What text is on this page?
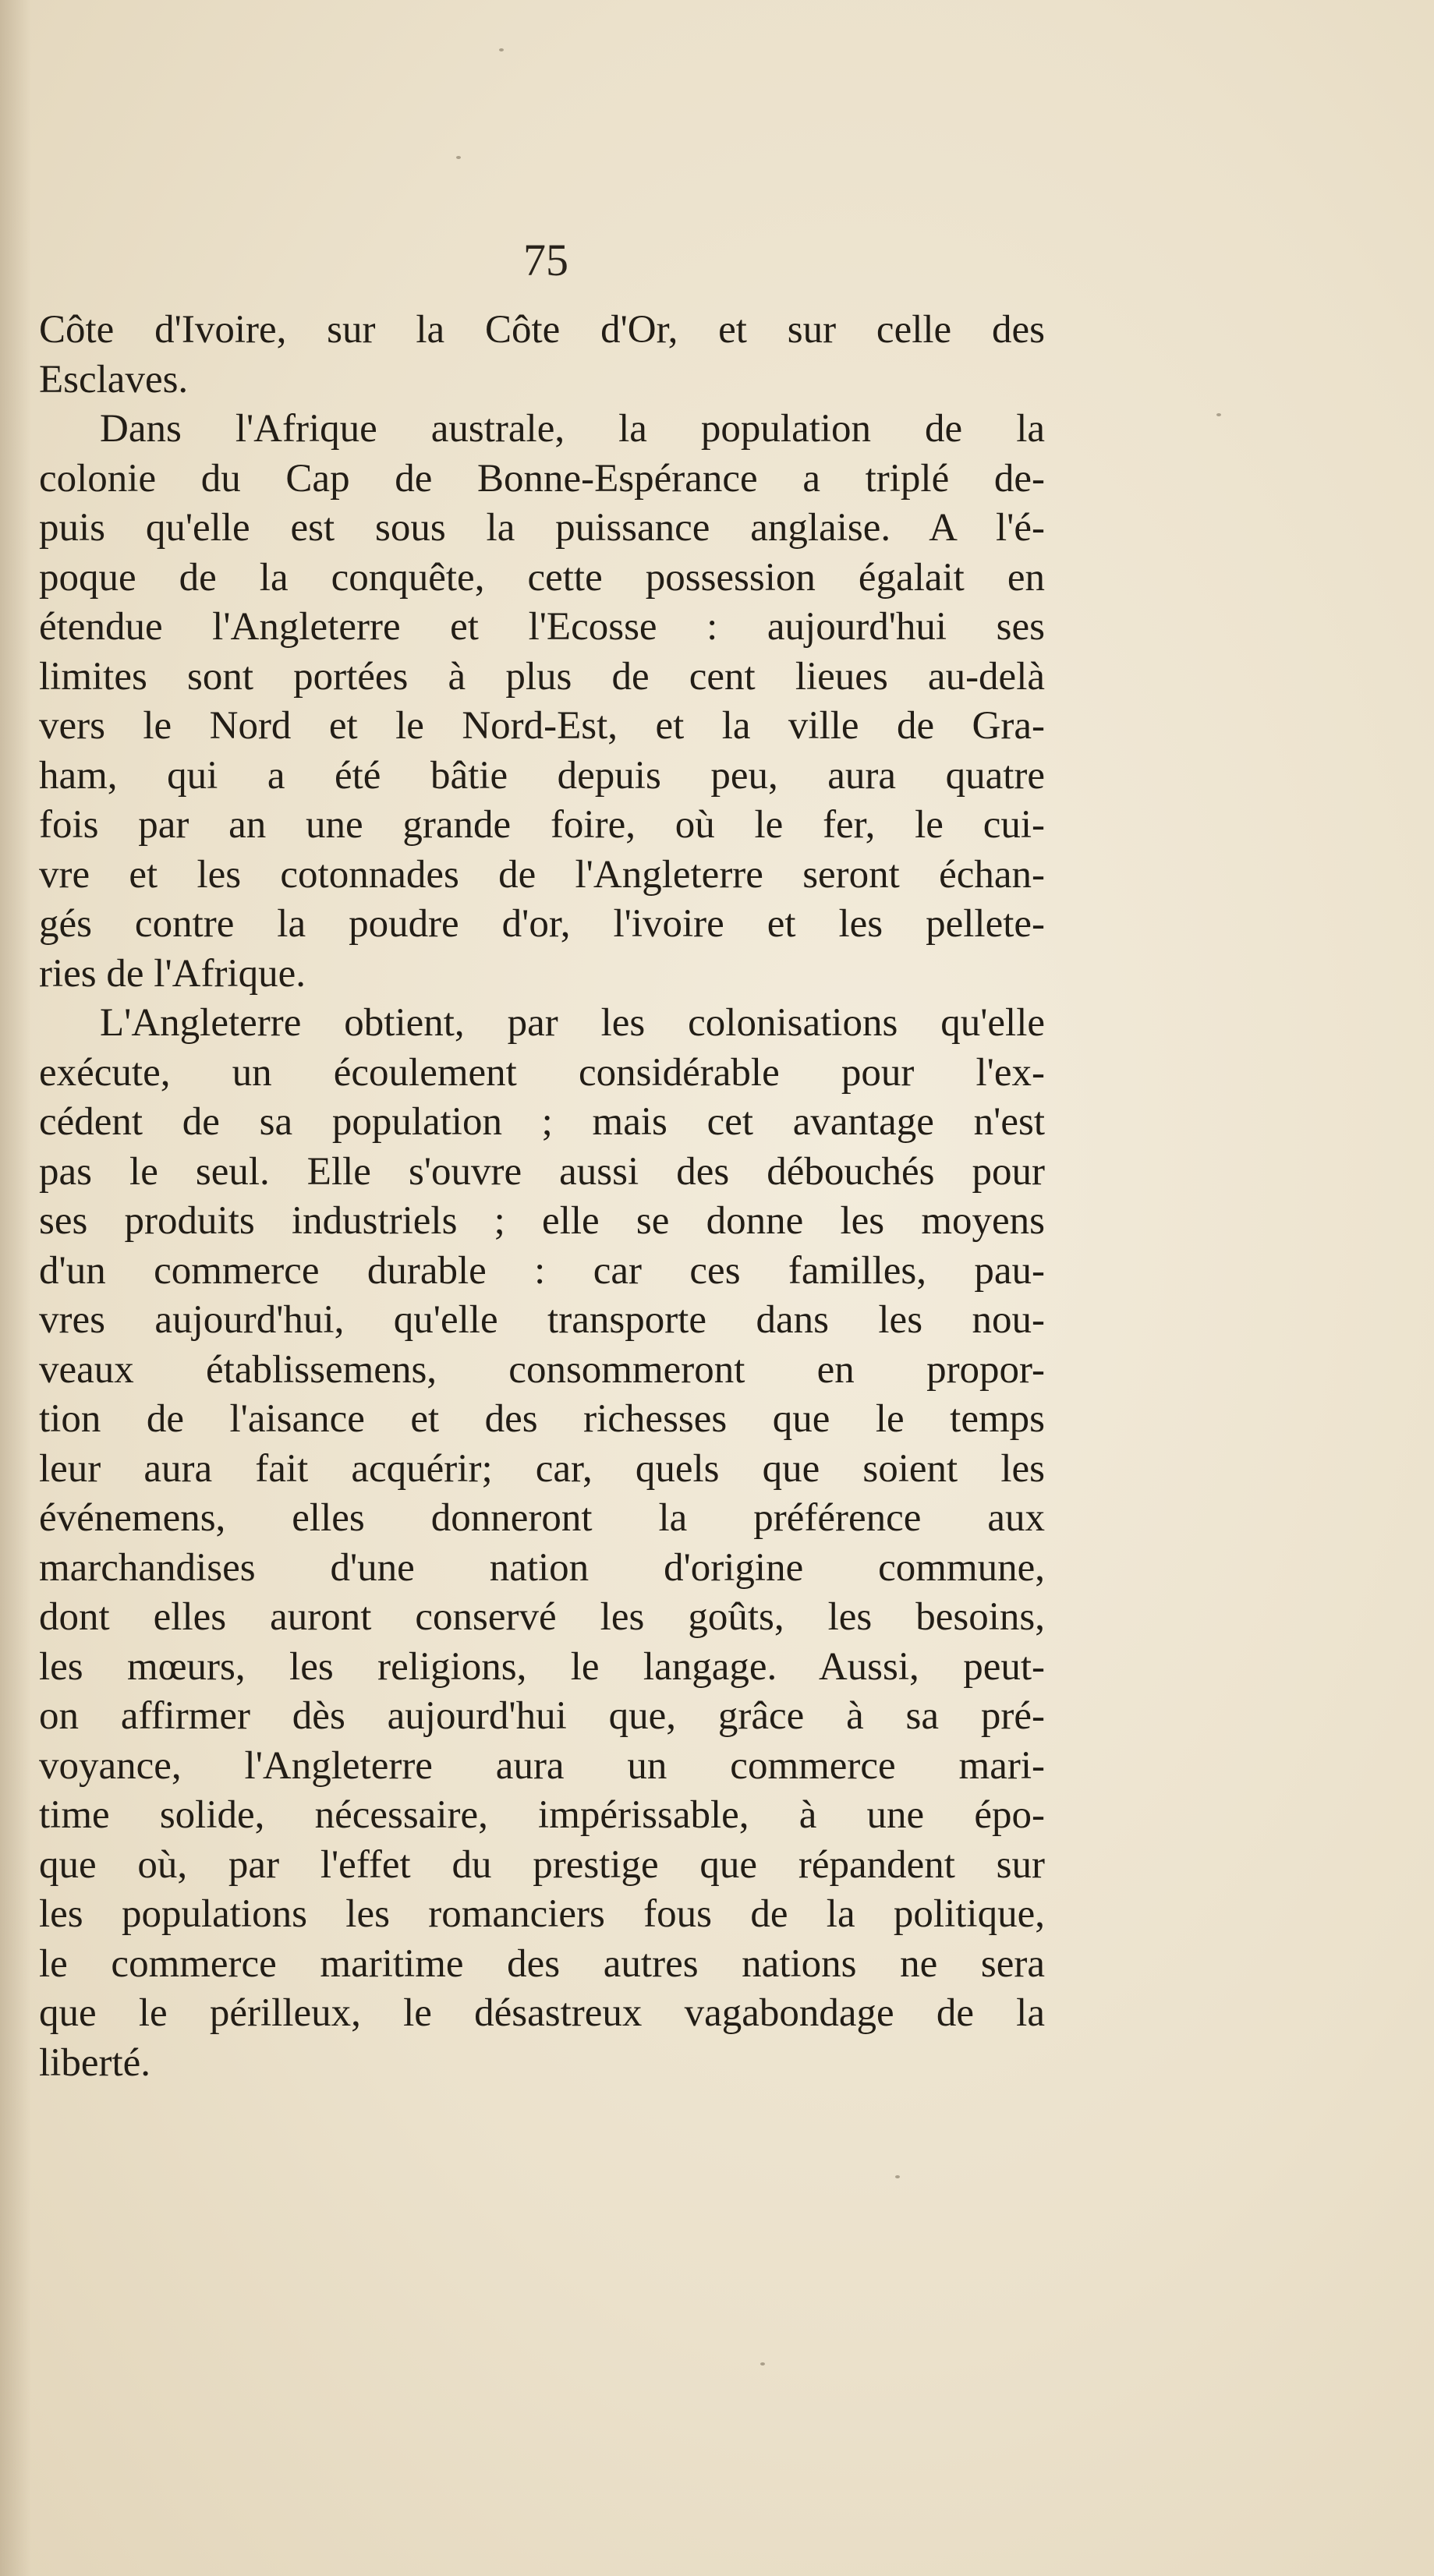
75
Côte d'Ivoire, sur la Côte d'Or, et sur celle des
Esclaves.
Dans l'Afrique australe, la population de la
colonie du Cap de Bonne-Espérance a triplé de-
puis qu'elle est sous la puissance anglaise. A l'é-
poque de la conquête, cette possession égalait en
étendue l'Angleterre et l'Ecosse : aujourd'hui ses
limites sont portées à plus de cent lieues au-delà
vers le Nord et le Nord-Est, et la ville de Gra-
ham, qui a été bâtie depuis peu, aura quatre
fois par an une grande foire, où le fer, le cui-
vre et les cotonnades de l'Angleterre seront échan-
gés contre la poudre d'or, l'ivoire et les pellete-
ries de l'Afrique.
L'Angleterre obtient, par les colonisations qu'elle
exécute, un écoulement considérable pour l'ex-
cédent de sa population ; mais cet avantage n'est
pas le seul. Elle s'ouvre aussi des débouchés pour
ses produits industriels ; elle se donne les moyens
d'un commerce durable : car ces familles, pau-
vres aujourd'hui, qu'elle transporte dans les nou-
veaux établissemens, consommeront en propor-
tion de l'aisance et des richesses que le temps
leur aura fait acquérir; car, quels que soient les
événemens, elles donneront la préférence aux
marchandises d'une nation d'origine commune,
dont elles auront conservé les goûts, les besoins,
les mœurs, les religions, le langage. Aussi, peut-
on affirmer dès aujourd'hui que, grâce à sa pré-
voyance, l'Angleterre aura un commerce mari-
time solide, nécessaire, impérissable, à une épo-
que où, par l'effet du prestige que répandent sur
les populations les romanciers fous de la politique,
le commerce maritime des autres nations ne sera
que le périlleux, le désastreux vagabondage de la
liberté.
